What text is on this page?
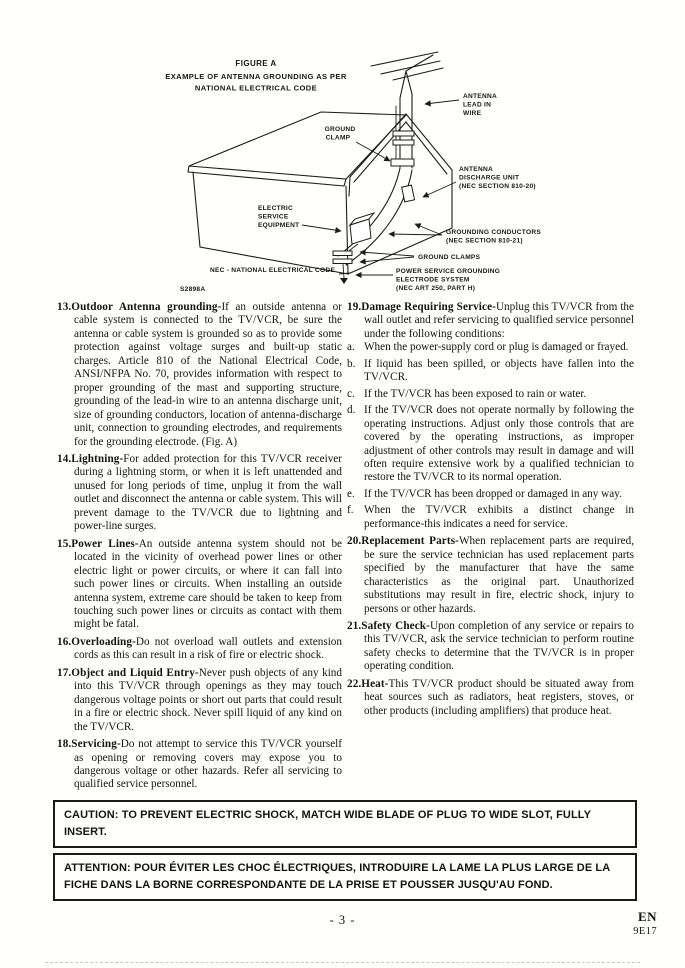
FIGURE A
EXAMPLE OF ANTENNA GROUNDING AS PER
NATIONAL ELECTRICAL CODE
GROUND
CLAMP
ANTENNA
LEAD IN
WIRE
ANTENNA
DISCHARGE UNIT
(NEC SECTION 810-20)
ELECTRIC
SERVICE
EQUIPMENT
GROUNDING CONDUCTORS
(NEC SECTION 810-21)
GROUND CLAMPS
POWER SERVICE GROUNDING
ELECTRODE SYSTEM
(NEC ART 250, PART H)
NEC - NATIONAL ELECTRICAL CODE
S2898A

13.Outdoor Antenna grounding-If an outside antenna or cable system is connected to the TV/VCR, be sure the antenna or cable system is grounded so as to provide some protection against voltage surges and built-up static charges. Article 810 of the National Electrical Code, ANSI/NFPA No. 70, provides information with respect to proper grounding of the mast and supporting structure, grounding of the lead-in wire to an antenna discharge unit, size of grounding conductors, location of antenna-discharge unit, connection to grounding electrodes, and requirements for the grounding electrode. (Fig. A)

14.Lightning-For added protection for this TV/VCR receiver during a lightning storm, or when it is left unattended and unused for long periods of time, unplug it from the wall outlet and disconnect the antenna or cable system. This will prevent damage to the TV/VCR due to lightning and power-line surges.

15.Power Lines-An outside antenna system should not be located in the vicinity of overhead power lines or other electric light or power circuits, or where it can fall into such power lines or circuits. When installing an outside antenna system, extreme care should be taken to keep from touching such power lines or circuits as contact with them might be fatal.

16.Overloading-Do not overload wall outlets and extension cords as this can result in a risk of fire or electric shock.

17.Object and Liquid Entry-Never push objects of any kind into this TV/VCR through openings as they may touch dangerous voltage points or short out parts that could result in a fire or electric shock. Never spill liquid of any kind on the TV/VCR.

18.Servicing-Do not attempt to service this TV/VCR yourself as opening or removing covers may expose you to dangerous voltage or other hazards. Refer all servicing to qualified service personnel.

19.Damage Requiring Service-Unplug this TV/VCR from the wall outlet and refer servicing to qualified service personnel under the following conditions:

a. When the power-supply cord or plug is damaged or frayed.

b. If liquid has been spilled, or objects have fallen into the TV/VCR.

c. If the TV/VCR has been exposed to rain or water.

d. If the TV/VCR does not operate normally by following the operating instructions. Adjust only those controls that are covered by the operating instructions, as improper adjustment of other controls may result in damage and will often require extensive work by a qualified technician to restore the TV/VCR to its normal operation.

e. If the TV/VCR has been dropped or damaged in any way.

f. When the TV/VCR exhibits a distinct change in performance-this indicates a need for service.

20.Replacement Parts-When replacement parts are required, be sure the service technician has used replacement parts specified by the manufacturer that have the same characteristics as the original part. Unauthorized substitutions may result in fire, electric shock, injury to persons or other hazards.

21.Safety Check-Upon completion of any service or repairs to this TV/VCR, ask the service technician to perform routine safety checks to determine that the TV/VCR is in proper operating condition.

22.Heat-This TV/VCR product should be situated away from heat sources such as radiators, heat registers, stoves, or other products (including amplifiers) that produce heat.

CAUTION: TO PREVENT ELECTRIC SHOCK, MATCH WIDE BLADE OF PLUG TO WIDE SLOT, FULLY INSERT.
ATTENTION: POUR ÉVITER LES CHOC ÉLECTRIQUES, INTRODUIRE LA LAME LA PLUS LARGE DE LA FICHE DANS LA BORNE CORRESPONDANTE DE LA PRISE ET POUSSER JUSQU'AU FOND.
- 3 -	EN
9E17
